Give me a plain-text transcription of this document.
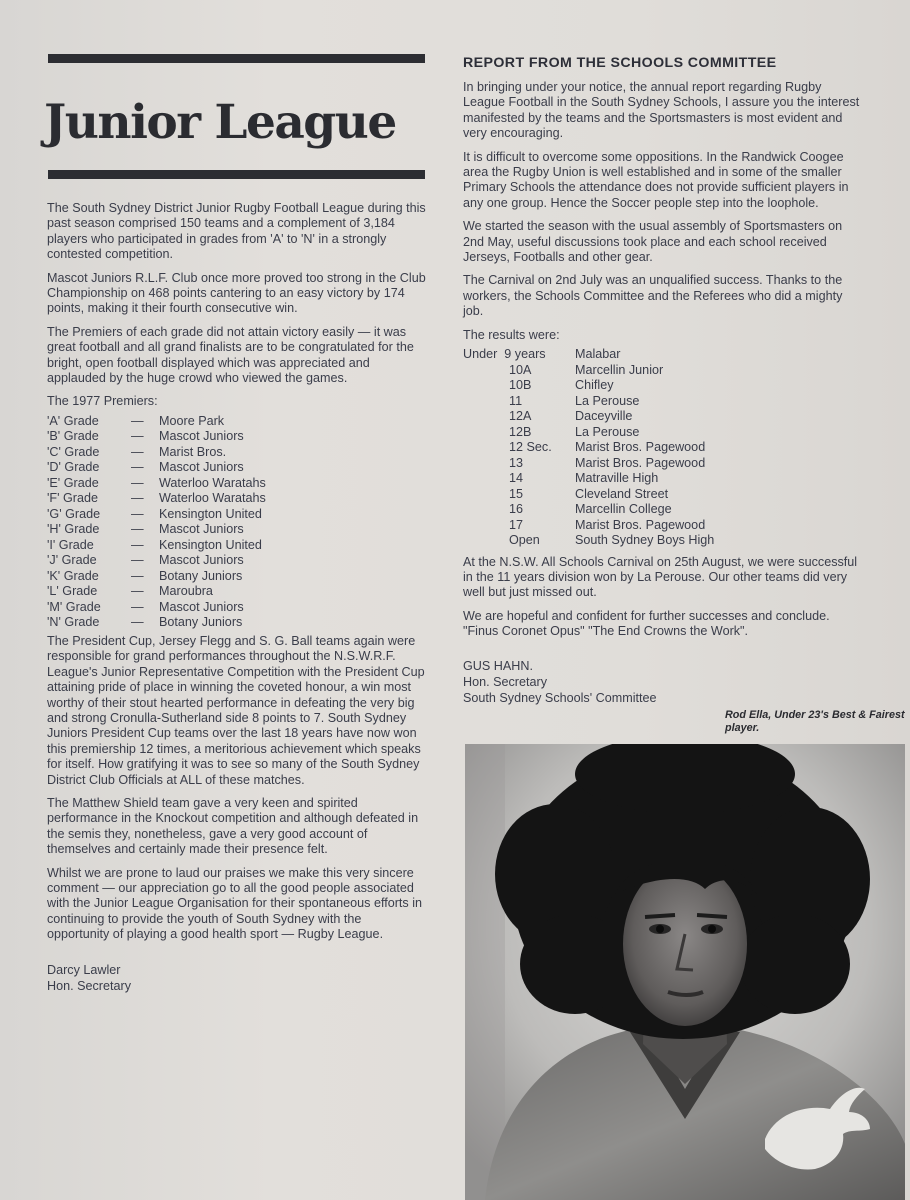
Junior League

The South Sydney District Junior Rugby Football League during this past season comprised 150 teams and a complement of 3,184 players who participated in grades from 'A' to 'N' in a strongly contested competition.

Mascot Juniors R.L.F. Club once more proved too strong in the Club Championship on 468 points cantering to an easy victory by 174 points, making it their fourth consecutive win.

The Premiers of each grade did not attain victory easily — it was great football and all grand finalists are to be congratulated for the bright, open football displayed which was appreciated and applauded by the huge crowd who viewed the games.

The 1977 Premiers:

'A' Grade	—	Moore Park
'B' Grade	—	Mascot Juniors
'C' Grade	—	Marist Bros.
'D' Grade	—	Mascot Juniors
'E' Grade	—	Waterloo Waratahs
'F' Grade	—	Waterloo Waratahs
'G' Grade	—	Kensington United
'H' Grade	—	Mascot Juniors
'I' Grade	—	Kensington United
'J' Grade	—	Mascot Juniors
'K' Grade	—	Botany Juniors
'L' Grade	—	Maroubra
'M' Grade	—	Mascot Juniors
'N' Grade	—	Botany Juniors

The President Cup, Jersey Flegg and S. G. Ball teams again were responsible for grand performances throughout the N.S.W.R.F. League's Junior Representative Competition with the President Cup attaining pride of place in winning the coveted honour, a win most worthy of their stout hearted performance in defeating the very big and strong Cronulla-Sutherland side 8 points to 7. South Sydney Juniors President Cup teams over the last 18 years have now won this premiership 12 times, a meritorious achievement which speaks for itself. How gratifying it was to see so many of the South Sydney District Club Officials at ALL of these matches.

The Matthew Shield team gave a very keen and spirited performance in the Knockout competition and although defeated in the semis they, nonetheless, gave a very good account of themselves and certainly made their presence felt.

Whilst we are prone to laud our praises we make this very sincere comment — our appreciation go to all the good people associated with the Junior League Organisation for their spontaneous efforts in continuing to provide the youth of South Sydney with the opportunity of playing a good health sport — Rugby League.

Darcy Lawler
Hon. Secretary
REPORT FROM THE SCHOOLS COMMITTEE

In bringing under your notice, the annual report regarding Rugby League Football in the South Sydney Schools, I assure you the interest manifested by the teams and the Sportsmasters is most evident and very encouraging.

It is difficult to overcome some oppositions. In the Randwick Coogee area the Rugby Union is well established and in some of the smaller Primary Schools the attendance does not provide sufficient players in any one group. Hence the Soccer people step into the loophole.

We started the season with the usual assembly of Sportsmasters on 2nd May, useful discussions took place and each school received Jerseys, Footballs and other gear.

The Carnival on 2nd July was an unqualified success. Thanks to the workers, the Schools Committee and the Referees who did a mighty job.

The results were:

Under  9 years	Malabar
10A	Marcellin Junior
10B	Chifley
11	La Perouse
12A	Daceyville
12B	La Perouse
12 Sec.	Marist Bros. Pagewood
13	Marist Bros. Pagewood
14	Matraville High
15	Cleveland Street
16	Marcellin College
17	Marist Bros. Pagewood
Open	South Sydney Boys High

At the N.S.W. All Schools Carnival on 25th August, we were successful in the 11 years division won by La Perouse. Our other teams did very well but just missed out.

We are hopeful and confident for further successes and conclude. "Finus Coronet Opus" "The End Crowns the Work".

GUS HAHN.
Hon. Secretary
South Sydney Schools' Committee
Rod Ella, Under 23's Best & Fairest player.
